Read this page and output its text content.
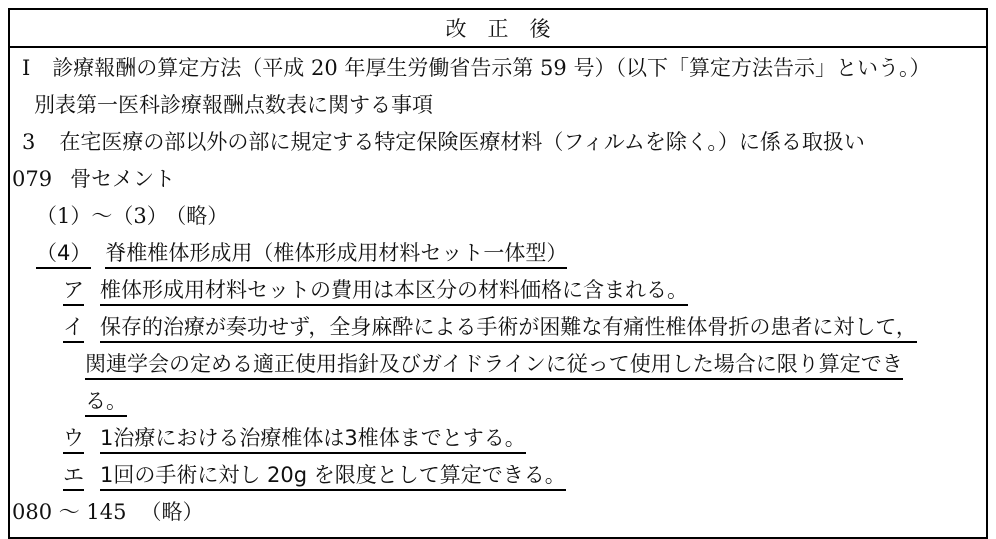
改　正　後
Ⅰ 診療報酬の算定方法（平成 20 年厚生労働省告示第 59 号）（以下「算定方法告示」という。）
別表第一医科診療報酬点数表に関する事項
3 在宅医療の部以外の部に規定する特定保険医療材料（フィルムを除く。）に係る取扱い
079 骨セメント
（1）～（3） （略）
（4） 脊椎椎体形成用（椎体形成用材料セット一体型）
ア 椎体形成用材料セットの費用は本区分の材料価格に含まれる。
イ 保存的治療が奏功せず，全身麻酔による手術が困難な有痛性椎体骨折の患者に対して，
関連学会の定める適正使用指針及びガイドラインに従って使用した場合に限り算定でき
る。
ウ 1治療における治療椎体は3椎体までとする。
エ 1回の手術に対し 20g を限度として算定できる。
080 ～ 145 （略）
